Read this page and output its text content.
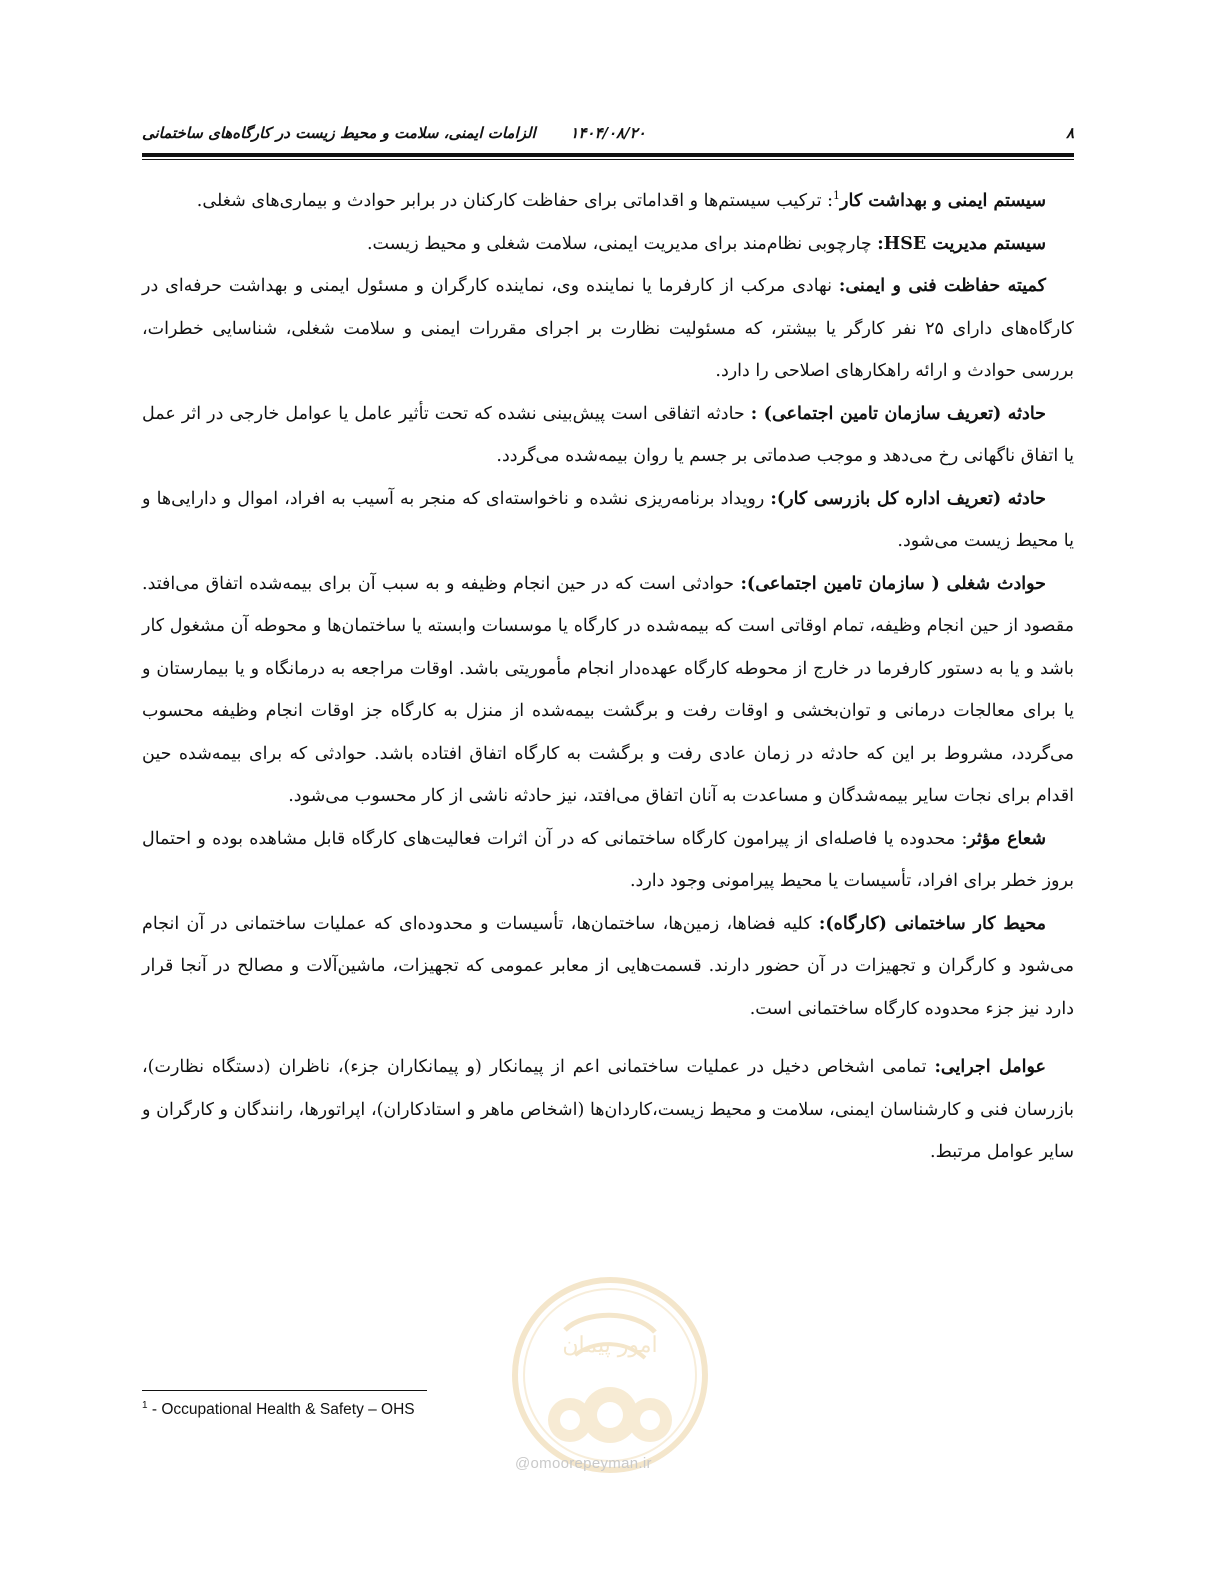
۸
۱۴۰۴/۰۸/۲۰
الزامات ایمنی، سلامت و محیط زیست در کارگاه‌های ساختمانی

سیستم ایمنی و بهداشت کار$^1$: ترکیب سیستم‌ها و اقداماتی برای حفاظت کارکنان در برابر حوادث و بیماری‌های شغلی.

سیستم مدیریت HSE: چارچوبی نظام‌مند برای مدیریت ایمنی، سلامت شغلی و محیط زیست.

کمیته حفاظت فنی و ایمنی: نهادی مرکب از کارفرما یا نماینده وی، نماینده کارگران و مسئول ایمنی و بهداشت حرفه‌ای در کارگاه‌های دارای ۲۵ نفر کارگر یا بیشتر، که مسئولیت نظارت بر اجرای مقررات ایمنی و سلامت شغلی، شناسایی خطرات، بررسی حوادث و ارائه راهکارهای اصلاحی را دارد.

حادثه (تعریف سازمان تامین اجتماعی) : حادثه اتفاقی است پیش‌بینی نشده که تحت تأثیر عامل یا عوامل خارجی در اثر عمل یا اتفاق ناگهانی رخ می‌دهد و موجب صدماتی بر جسم یا روان بیمه‌شده می‌گردد.

حادثه (تعریف اداره کل بازرسی کار): رویداد برنامه‌ریزی نشده و ناخواسته‌ای که منجر به آسیب به افراد، اموال و دارایی‌ها و یا محیط زیست می‌شود.

حوادث شغلی ( سازمان تامین اجتماعی): حوادثی است که در حین انجام وظیفه و به سبب آن برای بیمه‌شده اتفاق می‌افتد. مقصود از حین انجام وظیفه، تمام اوقاتی است که بیمه‌شده در کارگاه یا موسسات وابسته یا ساختمان‌ها و محوطه آن مشغول کار باشد و یا به دستور کارفرما در خارج از محوطه کارگاه عهده‌دار انجام مأموریتی باشد. اوقات مراجعه به درمانگاه و یا بیمارستان و یا برای معالجات درمانی و توان‌بخشی و اوقات رفت و برگشت بیمه‌شده از منزل به کارگاه جز اوقات انجام وظیفه محسوب می‌گردد، مشروط بر این که حادثه در زمان عادی رفت و برگشت به کارگاه اتفاق افتاده باشد. حوادثی که برای بیمه‌شده حین اقدام برای نجات سایر بیمه‌شدگان و مساعدت به آنان اتفاق می‌افتد، نیز حادثه ناشی از کار محسوب می‌شود.

شعاع مؤثر: محدوده یا فاصله‌ای از پیرامون کارگاه ساختمانی که در آن اثرات فعالیت‌های کارگاه قابل مشاهده بوده و احتمال بروز خطر برای افراد، تأسیسات یا محیط پیرامونی وجود دارد.

محیط کار ساختمانی (کارگاه): کلیه فضاها، زمین‌ها، ساختمان‌ها، تأسیسات و محدوده‌ای که عملیات ساختمانی در آن انجام می‌شود و کارگران و تجهیزات در آن حضور دارند. قسمت‌هایی از معابر عمومی که تجهیزات، ماشین‌آلات و مصالح در آنجا قرار دارد نیز جزء محدوده کارگاه ساختمانی است.

عوامل اجرایی: تمامی اشخاص دخیل در عملیات ساختمانی اعم از پیمانکار (و پیمانکاران جزء)، ناظران (دستگاه نظارت)، بازرسان فنی و کارشناسان ایمنی، سلامت و محیط زیست،کاردان‌ها (اشخاص ماهر و استادکاران)، اپراتورها، رانندگان و کارگران و سایر عوامل مرتبط.

امور پیمان
@omoorepeyman.ir
$^1$ - Occupational Health & Safety – OHS
